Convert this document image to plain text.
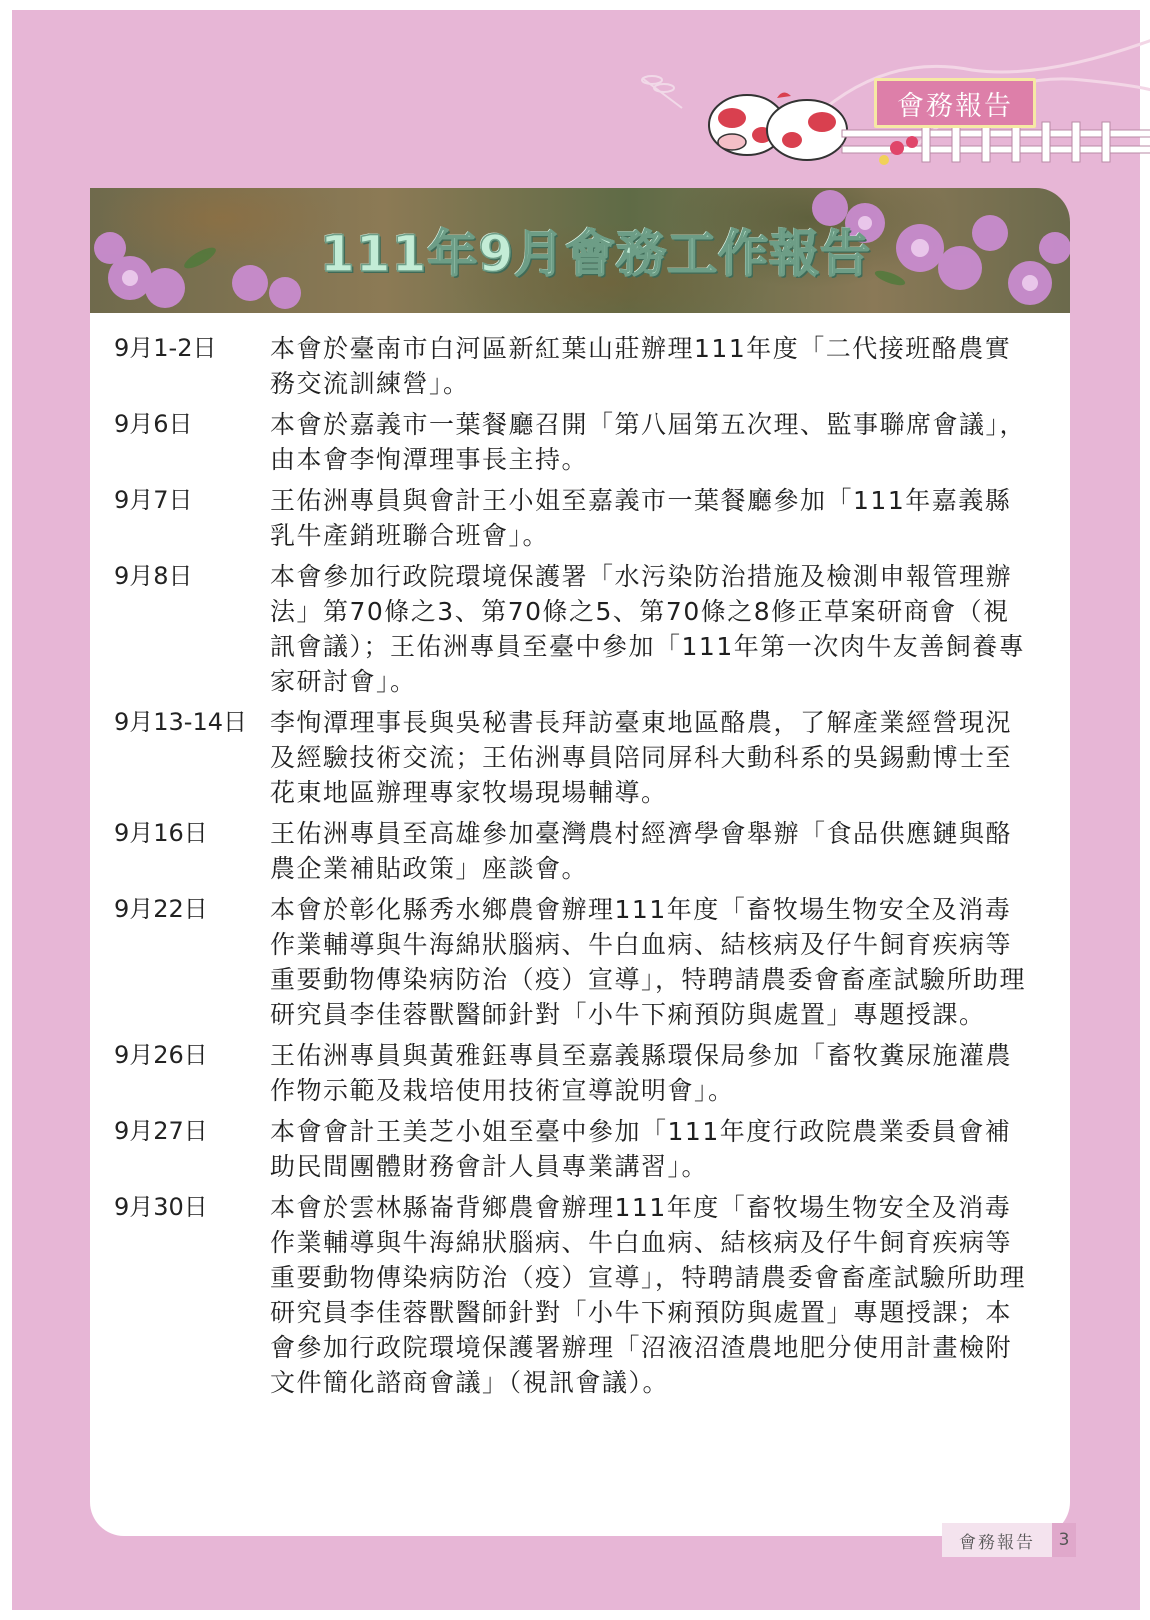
會務報告
111年9月會務工作報告
9月1-2日	本會於臺南市白河區新紅葉山莊辦理111年度「二代接班酪農實務交流訓練營」。
9月6日	本會於嘉義市一葉餐廳召開「第八屆第五次理、監事聯席會議」，由本會李恂潭理事長主持。
9月7日	王佑洲專員與會計王小姐至嘉義市一葉餐廳參加「111年嘉義縣乳牛產銷班聯合班會」。
9月8日	本會參加行政院環境保護署「水污染防治措施及檢測申報管理辦法」第70條之3、第70條之5、第70條之8修正草案研商會（視訊會議）；王佑洲專員至臺中參加「111年第一次肉牛友善飼養專家研討會」。
9月13-14日 李恂潭理事長與吳秘書長拜訪臺東地區酪農，了解產業經營現況及經驗技術交流；王佑洲專員陪同屏科大動科系的吳錫勳博士至花東地區辦理專家牧場現場輔導。
9月16日	王佑洲專員至高雄參加臺灣農村經濟學會舉辦「食品供應鏈與酪農企業補貼政策」座談會。
9月22日	本會於彰化縣秀水鄉農會辦理111年度「畜牧場生物安全及消毒作業輔導與牛海綿狀腦病、牛白血病、結核病及仔牛飼育疾病等重要動物傳染病防治（疫）宣導」，特聘請農委會畜產試驗所助理研究員李佳蓉獸醫師針對「小牛下痢預防與處置」專題授課。
9月26日	王佑洲專員與黃雅鈺專員至嘉義縣環保局參加「畜牧糞尿施灌農作物示範及栽培使用技術宣導說明會」。
9月27日	本會會計王美芝小姐至臺中參加「111年度行政院農業委員會補助民間團體財務會計人員專業講習」。
9月30日	本會於雲林縣崙背鄉農會辦理111年度「畜牧場生物安全及消毒作業輔導與牛海綿狀腦病、牛白血病、結核病及仔牛飼育疾病等重要動物傳染病防治（疫）宣導」，特聘請農委會畜產試驗所助理研究員李佳蓉獸醫師針對「小牛下痢預防與處置」專題授課；本會參加行政院環境保護署辦理「沼液沼渣農地肥分使用計畫檢附文件簡化諮商會議」（視訊會議）。
會務報告	3
